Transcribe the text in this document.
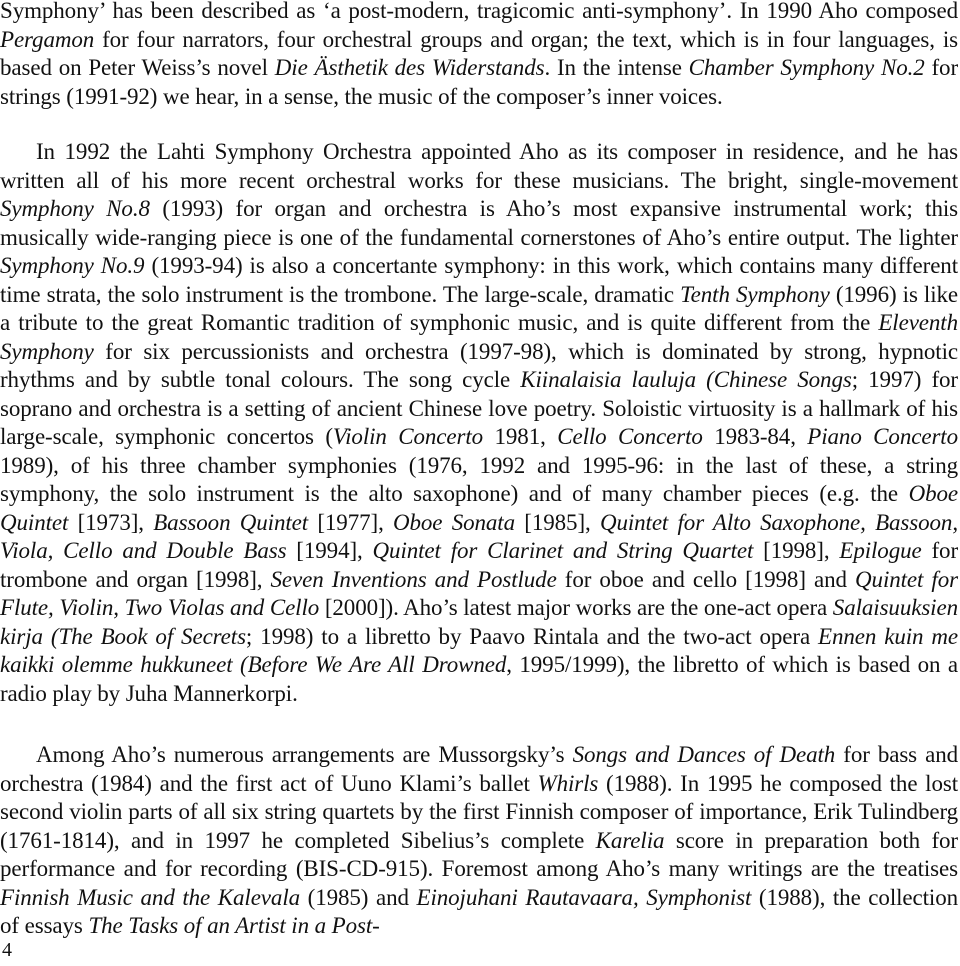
Symphony’ has been described as ‘a post-modern, tragicomic anti-symphony’. In 1990 Aho composed Pergamon for four narrators, four orchestral groups and organ; the text, which is in four languages, is based on Peter Weiss’s novel Die Ästhetik des Widerstands. In the intense Chamber Symphony No.2 for strings (1991-92) we hear, in a sense, the music of the composer’s inner voices.

In 1992 the Lahti Symphony Orchestra appointed Aho as its composer in residence, and he has written all of his more recent orchestral works for these musicians. The bright, single-movement Symphony No.8 (1993) for organ and orchestra is Aho’s most expansive instrumental work; this musically wide-ranging piece is one of the fundamental cornerstones of Aho’s entire output. The lighter Symphony No.9 (1993-94) is also a concertante symphony: in this work, which contains many different time strata, the solo instrument is the trombone. The large-scale, dramatic Tenth Symphony (1996) is like a tribute to the great Romantic tradition of symphonic music, and is quite different from the Eleventh Symphony for six percussionists and orchestra (1997-98), which is dominated by strong, hypnotic rhythms and by subtle tonal colours. The song cycle Kiinalaisia lauluja (Chinese Songs; 1997) for soprano and orchestra is a setting of ancient Chinese love poetry. Soloistic virtuosity is a hallmark of his large-scale, symphonic concertos (Violin Concerto 1981, Cello Concerto 1983-84, Piano Concerto 1989), of his three chamber symphonies (1976, 1992 and 1995-96: in the last of these, a string symphony, the solo instrument is the alto saxophone) and of many chamber pieces (e.g. the Oboe Quintet [1973], Bassoon Quintet [1977], Oboe Sonata [1985], Quintet for Alto Saxophone, Bassoon, Viola, Cello and Double Bass [1994], Quintet for Clarinet and String Quartet [1998], Epilogue for trombone and organ [1998], Seven Inventions and Postlude for oboe and cello [1998] and Quintet for Flute, Violin, Two Violas and Cello [2000]). Aho’s latest major works are the one-act opera Salaisuuksien kirja (The Book of Secrets; 1998) to a libretto by Paavo Rintala and the two-act opera Ennen kuin me kaikki olemme hukkuneet (Before We Are All Drowned, 1995/1999), the libretto of which is based on a radio play by Juha Mannerkorpi.

Among Aho’s numerous arrangements are Mussorgsky’s Songs and Dances of Death for bass and orchestra (1984) and the first act of Uuno Klami’s ballet Whirls (1988). In 1995 he composed the lost second violin parts of all six string quartets by the first Finnish composer of importance, Erik Tulindberg (1761-1814), and in 1997 he completed Sibelius’s complete Karelia score in preparation both for performance and for recording (BIS-CD-915). Foremost among Aho’s many writings are the treatises Finnish Music and the Kalevala (1985) and Einojuhani Rautavaara, Symphonist (1988), the collection of essays The Tasks of an Artist in a Post-

4
